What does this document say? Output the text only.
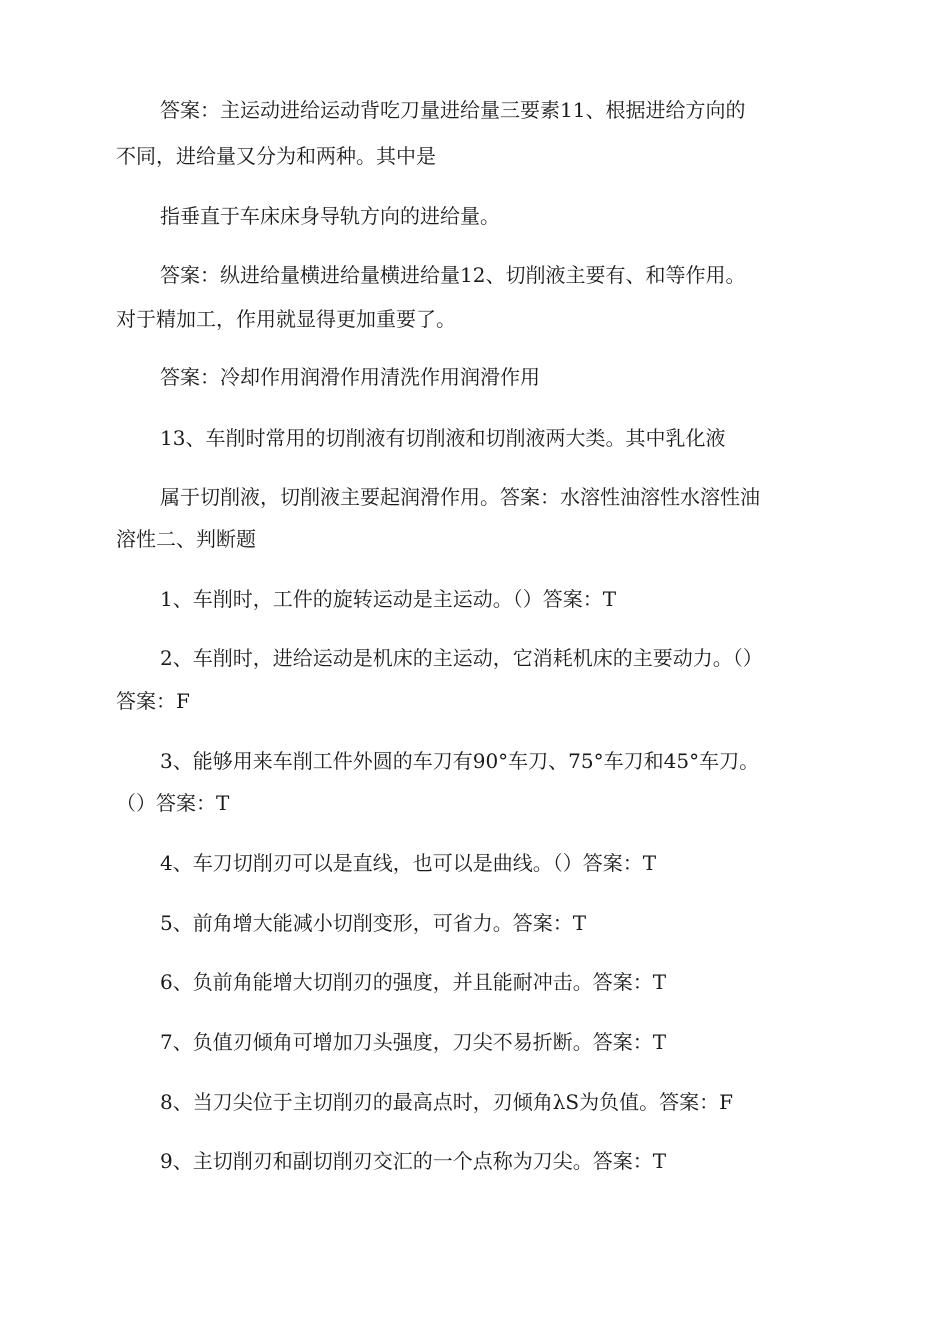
答案：主运动进给运动背吃刀量进给量三要素11、根据进给方向的
不同，进给量又分为和两种。其中是
指垂直于车床床身导轨方向的进给量。
答案：纵进给量横进给量横进给量12、切削液主要有、和等作用。
对于精加工，作用就显得更加重要了。
答案：冷却作用润滑作用清洗作用润滑作用
13、车削时常用的切削液有切削液和切削液两大类。其中乳化液
属于切削液，切削液主要起润滑作用。答案：水溶性油溶性水溶性油
溶性二、判断题
1、车削时，工件的旋转运动是主运动。（）答案：T
2、车削时，进给运动是机床的主运动，它消耗机床的主要动力。（）
答案：F
3、能够用来车削工件外圆的车刀有90°车刀、75°车刀和45°车刀。
（）答案：T
4、车刀切削刃可以是直线，也可以是曲线。（）答案：T
5、前角增大能减小切削变形，可省力。答案：T
6、负前角能增大切削刃的强度，并且能耐冲击。答案：T
7、负值刃倾角可增加刀头强度，刀尖不易折断。答案：T
8、当刀尖位于主切削刃的最高点时，刃倾角λS为负值。答案：F
9、主切削刃和副切削刃交汇的一个点称为刀尖。答案：T
